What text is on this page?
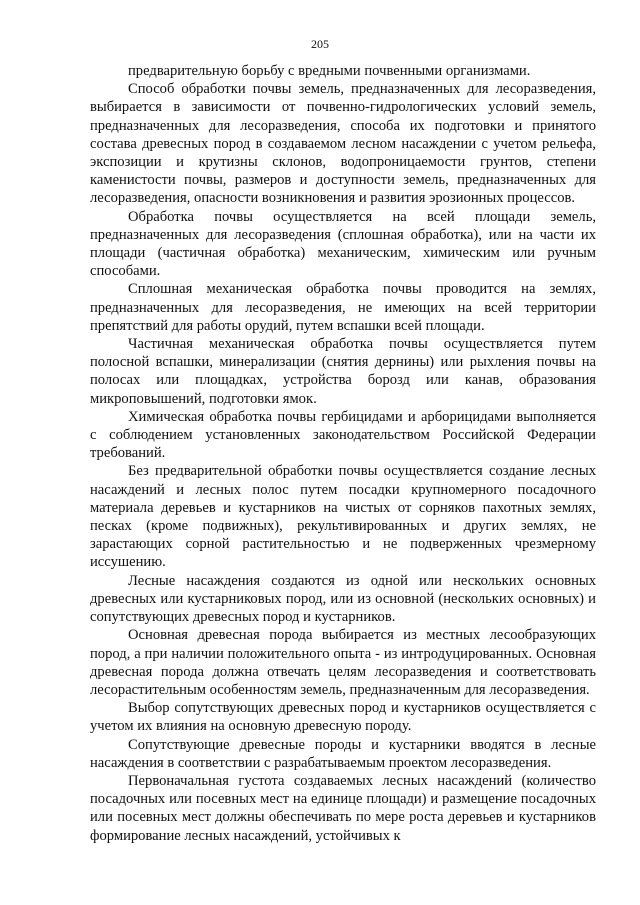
205

предварительную борьбу с вредными почвенными организмами.

Способ обработки почвы земель, предназначенных для лесоразведения, выбирается в зависимости от почвенно-гидрологических условий земель, предназначенных для лесоразведения, способа их подготовки и принятого состава древесных пород в создаваемом лесном насаждении с учетом рельефа, экспозиции и крутизны склонов, водопроницаемости грунтов, степени каменистости почвы, размеров и доступности земель, предназначенных для лесоразведения, опасности возникновения и развития эрозионных процессов.

Обработка почвы осуществляется на всей площади земель, предназначенных для лесоразведения (сплошная обработка), или на части их площади (частичная обработка) механическим, химическим или ручным способами.

Сплошная механическая обработка почвы проводится на землях, предназначенных для лесоразведения, не имеющих на всей территории препятствий для работы орудий, путем вспашки всей площади.

Частичная механическая обработка почвы осуществляется путем полосной вспашки, минерализации (снятия дернины) или рыхления почвы на полосах или площадках, устройства борозд или канав, образования микроповышений, подготовки ямок.

Химическая обработка почвы гербицидами и арборицидами выполняется с соблюдением установленных законодательством Российской Федерации требований.

Без предварительной обработки почвы осуществляется создание лесных насаждений и лесных полос путем посадки крупномерного посадочного материала деревьев и кустарников на чистых от сорняков пахотных землях, песках (кроме подвижных), рекультивированных и других землях, не зарастающих сорной растительностью и не подверженных чрезмерному иссушению.

Лесные насаждения создаются из одной или нескольких основных древесных или кустарниковых пород, или из основной (нескольких основных) и сопутствующих древесных пород и кустарников.

Основная древесная порода выбирается из местных лесообразующих пород, а при наличии положительного опыта - из интродуцированных. Основная древесная порода должна отвечать целям лесоразведения и соответствовать лесорастительным особенностям земель, предназначенным для лесоразведения.

Выбор сопутствующих древесных пород и кустарников осуществляется с учетом их влияния на основную древесную породу.

Сопутствующие древесные породы и кустарники вводятся в лесные насаждения в соответствии с разрабатываемым проектом лесоразведения.

Первоначальная густота создаваемых лесных насаждений (количество посадочных или посевных мест на единице площади) и размещение посадочных или посевных мест должны обеспечивать по мере роста деревьев и кустарников формирование лесных насаждений, устойчивых к
